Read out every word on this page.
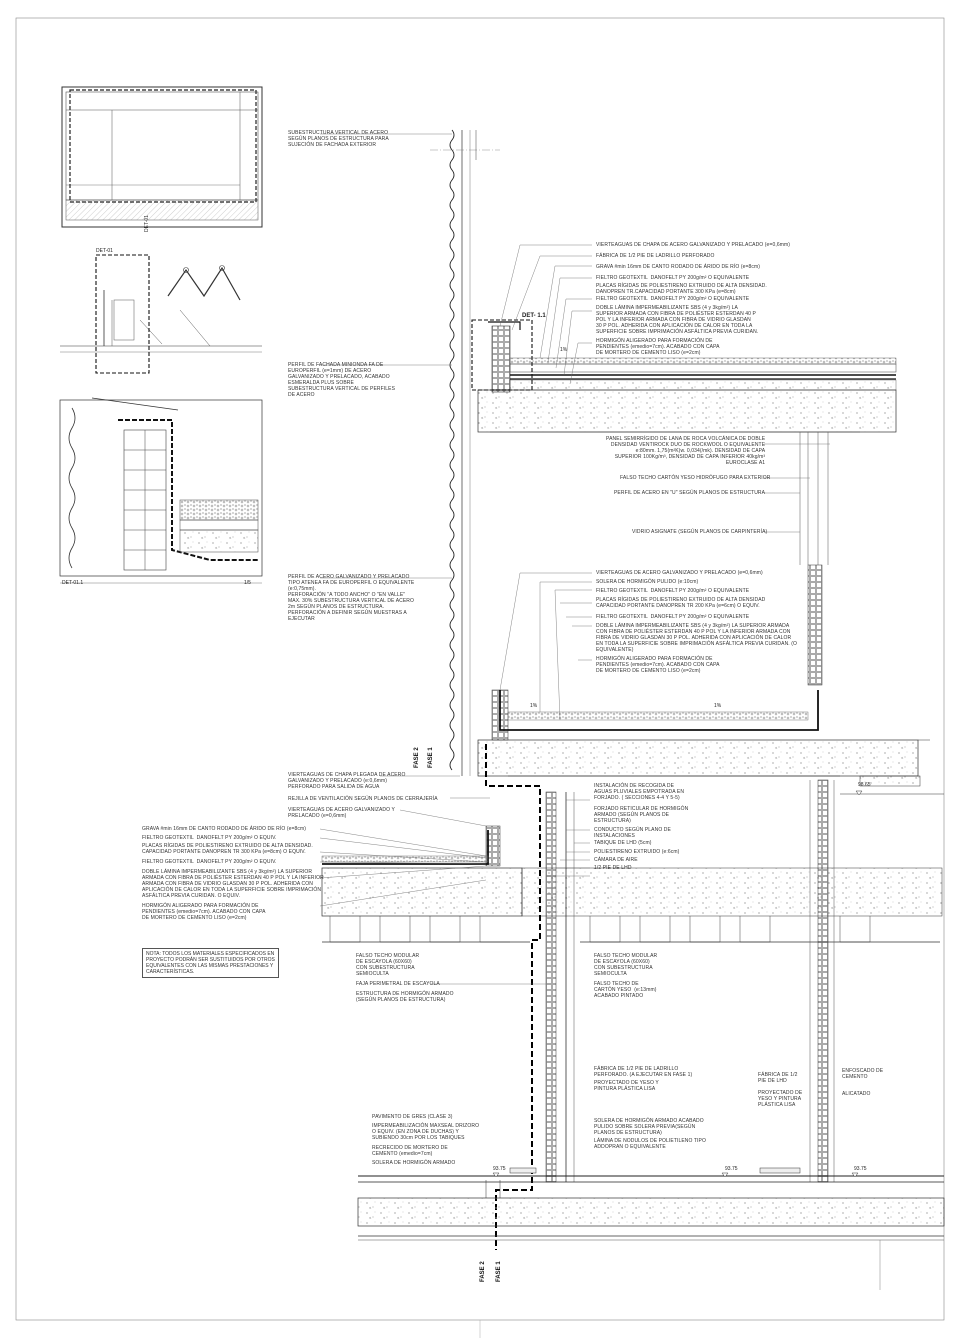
DET-01
DET-01
DET-01.1	1/5
DET- 1.1
FASE 2 FASE 1
FASE 2 FASE 1
98.65
93.75	93.75	93.75
1%
1%	1%
SUBESTRUCTURA VERTICAL DE ACERO
SEGÚN PLANOS DE ESTRUCTURA PARA
SUJECIÓN DE FACHADA EXTERIOR
PERFIL DE FACHADA MINIONDA FA DE
EUROPERFIL (e=1mm) DE ACERO
GALVANIZADO Y PRELACADO, ACABADO
ESMERALDA PLUS SOBRE
SUBESTRUCTURA VERTICAL DE PERFILES
DE ACERO
PERFIL DE ACERO GALVANIZADO Y PRELACADO
TIPO ATENEA FA DE EUROPERFIL O EQUIVALENTE
(e:0,75mm).
PERFORACIÓN "A TODO ANCHO" O "EN VALLE"
MAX. 30% SUBESTRUCTURA VERTICAL DE ACERO
2m SEGÚN PLANOS DE ESTRUCTURA.
PERFORACIÓN A DEFINIR SEGÚN MUESTRAS A
EJECUTAR
VIERTEAGUAS DE CHAPA PLEGADA DE ACERO
GALVANIZADO Y PRELACADO (e:0,6mm)
PERFORADO PARA SALIDA DE AGUA
REJILLA DE VENTILACIÓN SEGÚN PLANOS DE CERRAJERÍA
VIERTEAGUAS DE ACERO GALVANIZADO Y
PRELACADO (e=0,6mm)
GRAVA #min 16mm DE CANTO RODADO DE ÁRIDO DE RÍO (e=8cm)
FIELTRO GEOTEXTIL  DANOFELT PY 200g/m² O EQUIV.
PLACAS RÍGIDAS DE POLIESTIRENO EXTRUIDO DE ALTA DENSIDAD.
CAPACIDAD PORTANTE DANOPREN TR 300 KPa (e=8cm) O EQUIV.
FIELTRO GEOTEXTIL  DANOFELT PY 200g/m² O EQUIV.
DOBLE LÁMINA IMPERMEABILIZANTE SBS (4 y 3kg/m²) LA SUPERIOR
ARMADA CON FIBRA DE POLIÉSTER ESTERDAN 40 P POL Y LA INFERIOR
ARMADA CON FIBRA DE VIDRIO GLASDAN 30 P POL. ADHERIDA CON
APLICACIÓN DE CALOR EN TODA LA SUPERFICIE SOBRE IMPRIMACIÓN
ASFÁLTICA PREVIA CURIDAN. O EQUIV.
HORMIGÓN ALIGERADO PARA FORMACIÓN DE
PENDIENTES (emedio=7cm). ACABADO CON CAPA
DE MORTERO DE CEMENTO LISO (e=2cm)
NOTA: TODOS LOS MATERIALES ESPECIFICADOS EN
PROYECTO PODRÁN SER SUSTITUIDOS POR OTROS
EQUIVALENTES CON LAS MISMAS PRESTACIONES Y
CARACTERÍSTICAS.
VIERTEAGUAS DE CHAPA DE ACERO GALVANIZADO Y PRELACADO (e=0,6mm)
FÁBRICA DE 1/2 PIE DE LADRILLO PERFORADO
GRAVA #min 16mm DE CANTO RODADO DE ÁRIDO DE RÍO (e=8cm)
FIELTRO GEOTEXTIL  DANOFELT PY 200g/m² O EQUIVALENTE
PLACAS RÍGIDAS DE POLIESTIRENO EXTRUIDO DE ALTA DENSIDAD.
DANOPREN TR.CAPACIDAD PORTANTE 300 KPa (e=8cm)
FIELTRO GEOTEXTIL  DANOFELT PY 200g/m² O EQUIVALENTE
DOBLE LÁMINA IMPERMEABILIZANTE SBS (4 y 3kg/m²) LA
SUPERIOR ARMADA CON FIBRA DE POLIÉSTER ESTERDAN 40 P
POL Y LA INFERIOR ARMADA CON FIBRA DE VIDRIO GLASDAN
30 P POL. ADHERIDA CON APLICACIÓN DE CALOR EN TODA LA
SUPERFICIE SOBRE IMPRIMACIÓN ASFÁLTICA PREVIA CURIDAN.
HORMIGÓN ALIGERADO PARA FORMACIÓN DE
PENDIENTES (emedio=7cm). ACABADO CON CAPA
DE MORTERO DE CEMENTO LISO (e=2cm)
PANEL SEMIRRÍGIDO DE LANA DE ROCA VOLCÁNICA DE DOBLE
DENSIDAD VENTIROCK DUO DE ROCKWOOL O EQUIVALENTE
e:80mm. 1,75(m²K)w. 0,034(/mk). DENSIDAD DE CAPA
SUPERIOR 100Kg/m³, DENSIDAD DE CAPA INFERIOR 40kg/m³
EUROCLASE A1
FALSO TECHO CARTÓN YESO HIDRÓFUGO PARA EXTERIOR
PERFIL DE ACERO EN "U" SEGÚN PLANOS DE ESTRUCTURA
VIDRIO ASIGNATE (SEGÚN PLANOS DE CARPINTERÍA)
VIERTEAGUAS DE ACERO GALVANIZADO Y PRELACADO (e=0,6mm)
SOLERA DE HORMIGÓN PULIDO (e:10cm)
FIELTRO GEOTEXTIL  DANOFELT PY 200g/m² O EQUIVALENTE
PLACAS RÍGIDAS DE POLIESTIRENO EXTRUIDO DE ALTA DENSIDAD
CAPACIDAD PORTANTE DANOPREN TR 200 KPa (e=6cm) O EQUIV.
FIELTRO GEOTEXTIL  DANOFELT PY 200g/m² O EQUIVALENTE
DOBLE LÁMINA IMPERMEABILIZANTE SBS (4 y 3kg/m²) LA SUPERIOR ARMADA
CON FIBRA DE POLIÉSTER ESTERDAN 40 P POL Y LA INFERIOR ARMADA CON
FIBRA DE VIDRIO GLASDAN 30 P POL. ADHERIDA CON APLICACIÓN DE CALOR
EN TODA LA SUPERFICIE SOBRE IMPRIMACIÓN ASFÁLTICA PREVIA CURIDAN. (O
EQUIVALENTE)
HORMIGÓN ALIGERADO PARA FORMACIÓN DE
PENDIENTES (emedio=7cm). ACABADO CON CAPA
DE MORTERO DE CEMENTO LISO (e=2cm)
INSTALACIÓN DE RECOGIDA DE
AGUAS PLUVIALES EMPOTRADA EN
FORJADO. ( SECCIONES 4-4 Y 5-5)
FORJADO RETICULAR DE HORMIGÓN
ARMADO (SEGÚN PLANOS DE
ESTRUCTURA)
CONDUCTO SEGÚN PLANO DE
INSTALACIONES
TABIQUE DE LHD (5cm)
POLIESTIRENO EXTRUIDO (e:6cm)
CÁMARA DE AIRE
1/2 PIE DE LHD
FALSO TECHO MODULAR
DE ESCAYOLA (60X60)
CON SUBESTRUCTURA
SEMIOCULTA
FAJA PERIMETRAL DE ESCAYOLA
ESTRUCTURA DE HORMIGÓN ARMADO
(SEGÚN PLANOS DE ESTRUCTURA)
FALSO TECHO MODULAR
DE ESCAYOLA (60X60)
CON SUBESTRUCTURA
SEMIOCULTA
FALSO TECHO DE
CARTÓN YESO  (e:13mm)
ACABADO PINTADO
FÁBRICA DE 1/2 PIE DE LADRILLO
PERFORADO. (A EJECUTAR EN FASE 1)
PROYECTADO DE YESO Y
PINTURA PLÁSTICA LISA
FÁBRICA DE 1/2
PIE DE LHD
PROYECTADO DE
YESO Y PINTURA
PLÁSTICA LISA
ENFOSCADO DE
CEMENTO
ALICATADO
PAVIMENTO DE GRES (CLASE 3)
IMPERMEABILIZACIÓN MAXSEAL DRIZORO
O EQUIV. (EN ZONA DE DUCHAS) Y
SUBIENDO 30cm POR LOS TABIQUES
RECRECIDO DE MORTERO DE
CEMENTO (emedio=7cm)
SOLERA DE HORMIGÓN ARMADO
SOLERA DE HORMIGÓN ARMADO ACABADO
PULIDO SOBRE SOLERA PREVIA(SEGÚN
PLANOS DE ESTRUCTURA)
LÁMINA DE NODULOS DE POLIETILENO TIPO
ADDOPRAN O EQUIVALENTE
